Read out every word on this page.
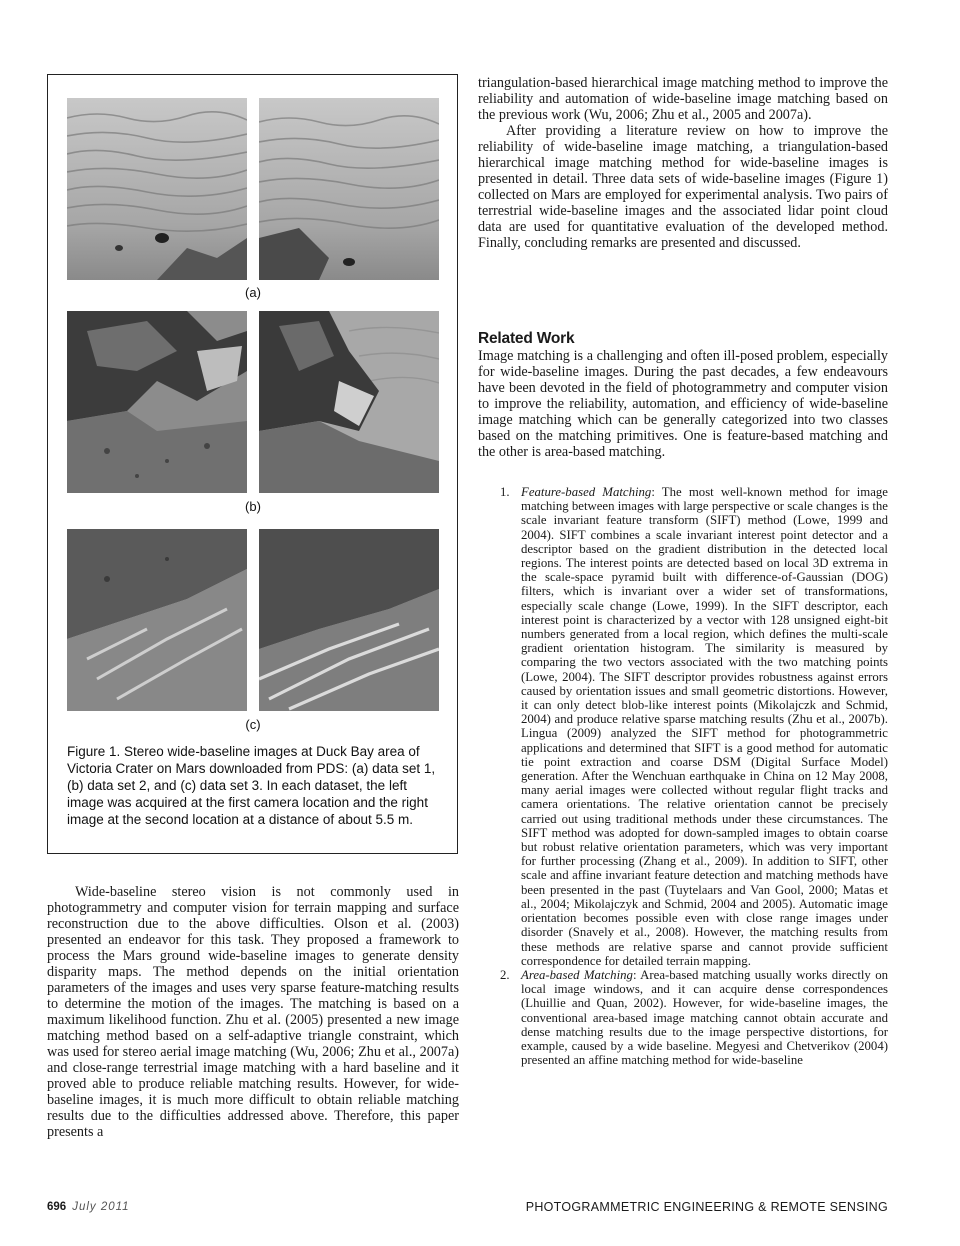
(a)
(b)
(c)
Figure 1. Stereo wide-baseline images at Duck Bay area of Victoria Crater on Mars downloaded from PDS: (a) data set 1, (b) data set 2, and (c) data set 3. In each dataset, the left image was acquired at the first camera location and the right image at the second location at a distance of about 5.5 m.

Wide-baseline stereo vision is not commonly used in photogrammetry and computer vision for terrain mapping and surface reconstruction due to the above difficulties. Olson et al. (2003) presented an endeavor for this task. They proposed a framework to process the Mars ground wide-baseline images to generate density disparity maps. The method depends on the initial orientation parameters of the images and uses very sparse feature-matching results to determine the motion of the images. The matching is based on a maximum likelihood function. Zhu et al. (2005) presented a new image matching method based on a self-adaptive triangle constraint, which was used for stereo aerial image matching (Wu, 2006; Zhu et al., 2007a) and close-range terrestrial image matching with a hard baseline and it proved able to produce reliable matching results. However, for wide-baseline images, it is much more difficult to obtain reliable matching results due to the difficulties addressed above. Therefore, this paper presents a

triangulation-based hierarchical image matching method to improve the reliability and automation of wide-baseline image matching based on the previous work (Wu, 2006; Zhu et al., 2005 and 2007a).

After providing a literature review on how to improve the reliability of wide-baseline image matching, a triangulation-based hierarchical image matching method for wide-baseline images is presented in detail. Three data sets of wide-baseline images (Figure 1) collected on Mars are employed for experimental analysis. Two pairs of terrestrial wide-baseline images and the associated lidar point cloud data are used for quantitative evaluation of the developed method. Finally, concluding remarks are presented and discussed.

Related Work

Image matching is a challenging and often ill-posed problem, especially for wide-baseline images. During the past decades, a few endeavours have been devoted in the field of photogrammetry and computer vision to improve the reliability, automation, and efficiency of wide-baseline image matching which can be generally categorized into two classes based on the matching primitives. One is feature-based matching and the other is area-based matching.

1. Feature-based Matching: The most well-known method for image matching between images with large perspective or scale changes is the scale invariant feature transform (SIFT) method (Lowe, 1999 and 2004). SIFT combines a scale invariant interest point detector and a descriptor based on the gradient distribution in the detected local regions. The interest points are detected based on local 3D extrema in the scale-space pyramid built with difference-of-Gaussian (DOG) filters, which is invariant over a wider set of transformations, especially scale change (Lowe, 1999). In the SIFT descriptor, each interest point is characterized by a vector with 128 unsigned eight-bit numbers generated from a local region, which defines the multi-scale gradient orientation histogram. The similarity is measured by comparing the two vectors associated with the two matching points (Lowe, 2004). The SIFT descriptor provides robustness against errors caused by orientation issues and small geometric distortions. However, it can only detect blob-like interest points (Mikolajczk and Schmid, 2004) and produce relative sparse matching results (Zhu et al., 2007b). Lingua (2009) analyzed the SIFT method for photogrammetric applications and determined that SIFT is a good method for automatic tie point extraction and coarse DSM (Digital Surface Model) generation. After the Wenchuan earthquake in China on 12 May 2008, many aerial images were collected without regular flight tracks and camera orientations. The relative orientation cannot be precisely carried out using traditional methods under these circumstances. The SIFT method was adopted for down-sampled images to obtain coarse but robust relative orientation parameters, which was very important for further processing (Zhang et al., 2009). In addition to SIFT, other scale and affine invariant feature detection and matching methods have been presented in the past (Tuytelaars and Van Gool, 2000; Matas et al., 2004; Mikolajczyk and Schmid, 2004 and 2005). Automatic image orientation becomes possible even with close range images under disorder (Snavely et al., 2008). However, the matching results from these methods are relative sparse and cannot provide sufficient correspondence for detailed terrain mapping.
2. Area-based Matching: Area-based matching usually works directly on local image windows, and it can acquire dense correspondences (Lhuillie and Quan, 2002). However, for wide-baseline images, the conventional area-based image matching cannot obtain accurate and dense matching results due to the image perspective distortions, for example, caused by a wide baseline. Megyesi and Chetverikov (2004) presented an affine matching method for wide-baseline
696 July 2011	PHOTOGRAMMETRIC ENGINEERING & REMOTE SENSING
